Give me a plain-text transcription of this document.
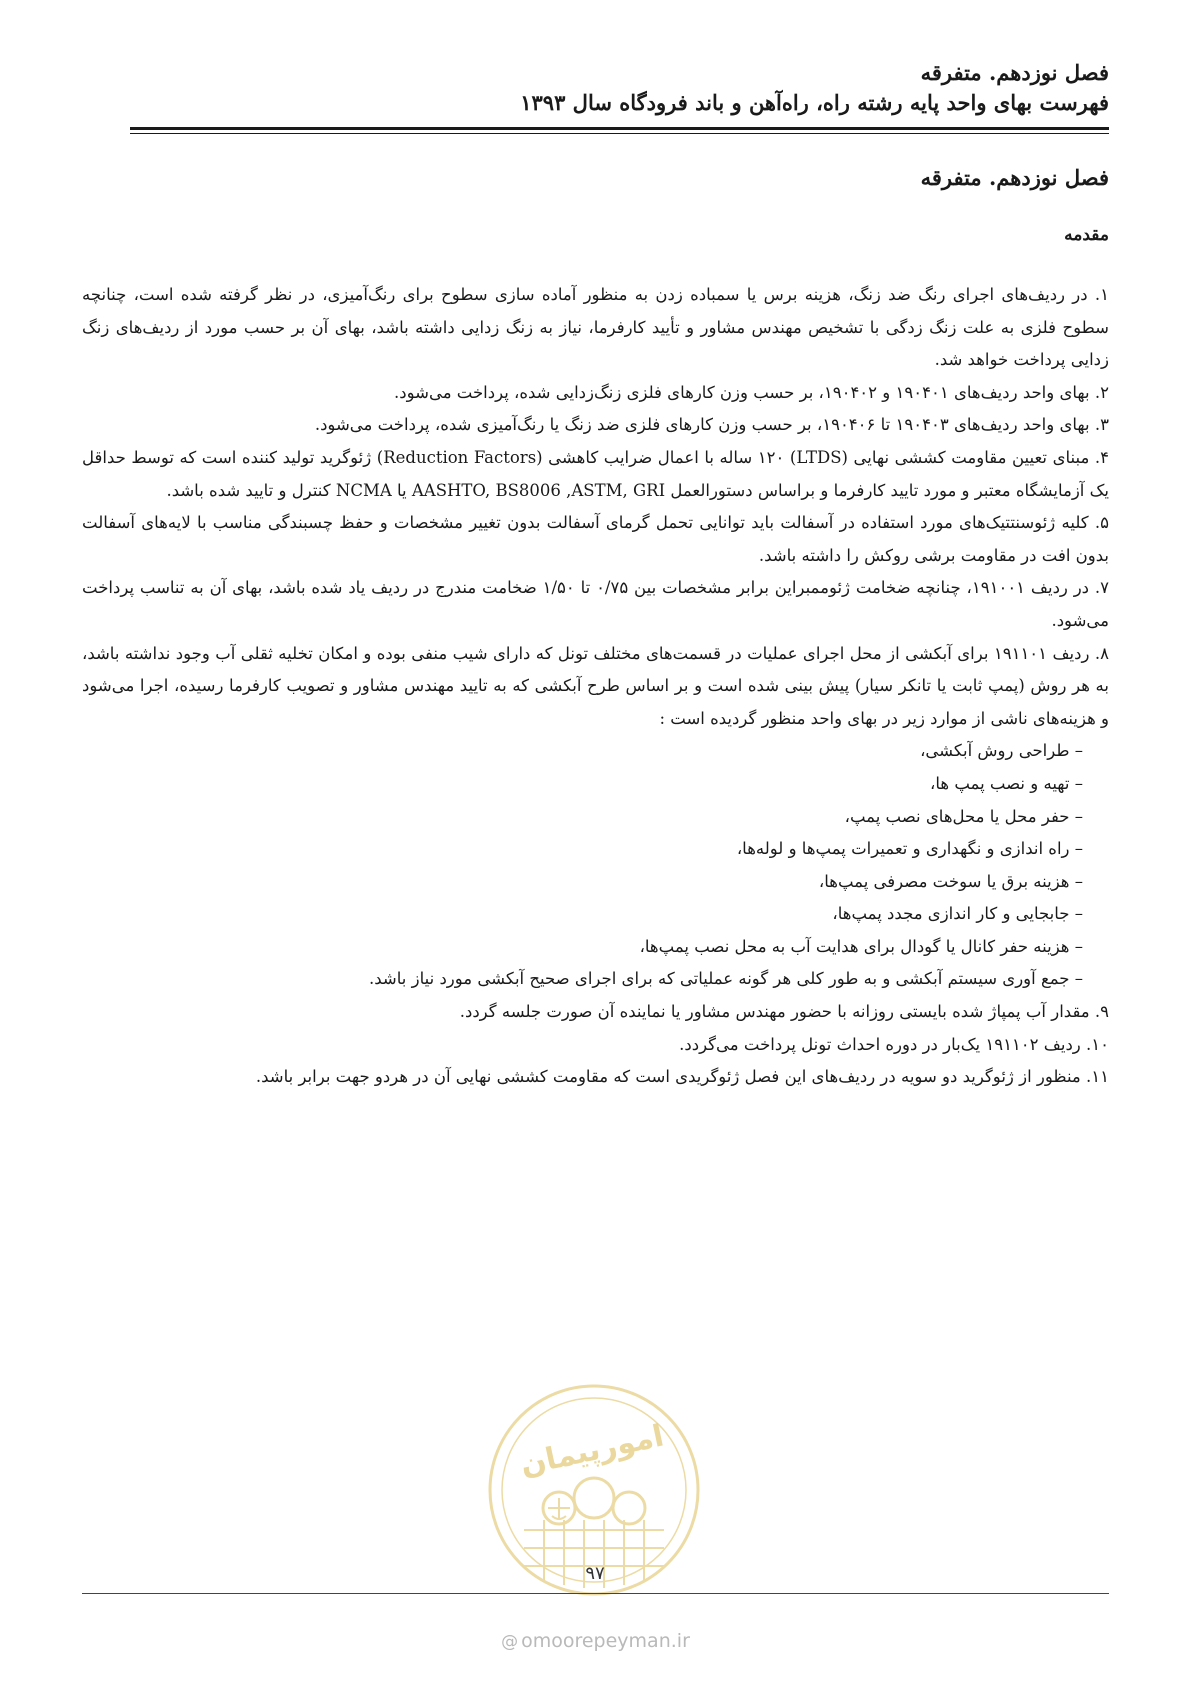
فصل نوزدهم. متفرقه
فهرست بهای واحد پایه رشته راه، راه‌آهن و باند فرودگاه سال ۱۳۹۳
فصل نوزدهم. متفرقه
مقدمه

۱. در ردیف‌های اجرای رنگ ضد زنگ، هزینه برس یا سمباده زدن به منظور آماده سازی سطوح برای رنگ‌آمیزی، در نظر گرفته شده است، چنانچه سطوح فلزی به علت زنگ زدگی با تشخیص مهندس مشاور و تأیید کارفرما، نیاز به زنگ زدایی داشته باشد، بهای آن بر حسب مورد از ردیف‌های زنگ زدایی پرداخت خواهد شد.

۲. بهای واحد ردیف‌های ۱۹۰۴۰۱ و ۱۹۰۴۰۲، بر حسب وزن کارهای فلزی زنگ‌زدایی شده، پرداخت می‌شود.

۳. بهای واحد ردیف‌های ۱۹۰۴۰۳ تا ۱۹۰۴۰۶، بر حسب وزن کارهای فلزی ضد زنگ یا رنگ‌آمیزی شده، پرداخت می‌شود.

۴. مبنای تعیین مقاومت کششی نهایی (LTDS) ۱۲۰ ساله با اعمال ضرایب کاهشی (Reduction Factors) ژئوگرید تولید کننده است که توسط حداقل یک آزمایشگاه معتبر و مورد تایید کارفرما و براساس دستورالعمل AASHTO, BS8006 ,ASTM, GRI یا NCMA کنترل و تایید شده باشد.

۵. کلیه ژئوسنتتیک‌های مورد استفاده در آسفالت باید توانایی تحمل گرمای آسفالت بدون تغییر مشخصات و حفظ چسبندگی مناسب با لایه‌های آسفالت بدون افت در مقاومت برشی روکش را داشته باشد.

۷. در ردیف ۱۹۱۰۰۱، چنانچه ضخامت ژئوممبراین برابر مشخصات بین ۰/۷۵ تا ۱/۵۰ ضخامت مندرج در ردیف یاد شده باشد، بهای آن به تناسب پرداخت می‌شود.

۸. ردیف ۱۹۱۱۰۱ برای آبکشی از محل اجرای عملیات در قسمت‌های مختلف تونل که دارای شیب منفی بوده و امکان تخلیه ثقلی آب وجود نداشته باشد، به هر روش (پمپ ثابت یا تانکر سیار) پیش بینی شده است و بر اساس طرح آبکشی که به تایید مهندس مشاور و تصویب کارفرما رسیده، اجرا می‌شود و هزینه‌های ناشی از موارد زیر در بهای واحد منظور گردیده است :

– طراحی روش آبکشی،

– تهیه و نصب پمپ ها،

– حفر محل یا محل‌های نصب پمپ،

– راه اندازی و نگهداری و تعمیرات پمپ‌ها و لوله‌ها،

– هزینه برق یا سوخت مصرفی پمپ‌ها،

– جابجایی و کار اندازی مجدد پمپ‌ها،

– هزینه حفر کانال یا گودال برای هدایت آب به محل نصب پمپ‌ها،

– جمع آوری سیستم آبکشی و به طور کلی هر گونه عملیاتی که برای اجرای صحیح آبکشی مورد نیاز باشد.

۹. مقدار آب پمپاژ شده بایستی روزانه با حضور مهندس مشاور یا نماینده آن صورت جلسه گردد.

۱۰. ردیف ۱۹۱۱۰۲ یک‌بار در دوره احداث تونل پرداخت می‌گردد.

۱۱. منظور از ژئوگرید دو سویه در ردیف‌های این فصل ژئوگریدی است که مقاومت کششی نهایی آن در هردو جهت برابر باشد.

امورپیمان
۹۷
@ omoorepeyman.ir
